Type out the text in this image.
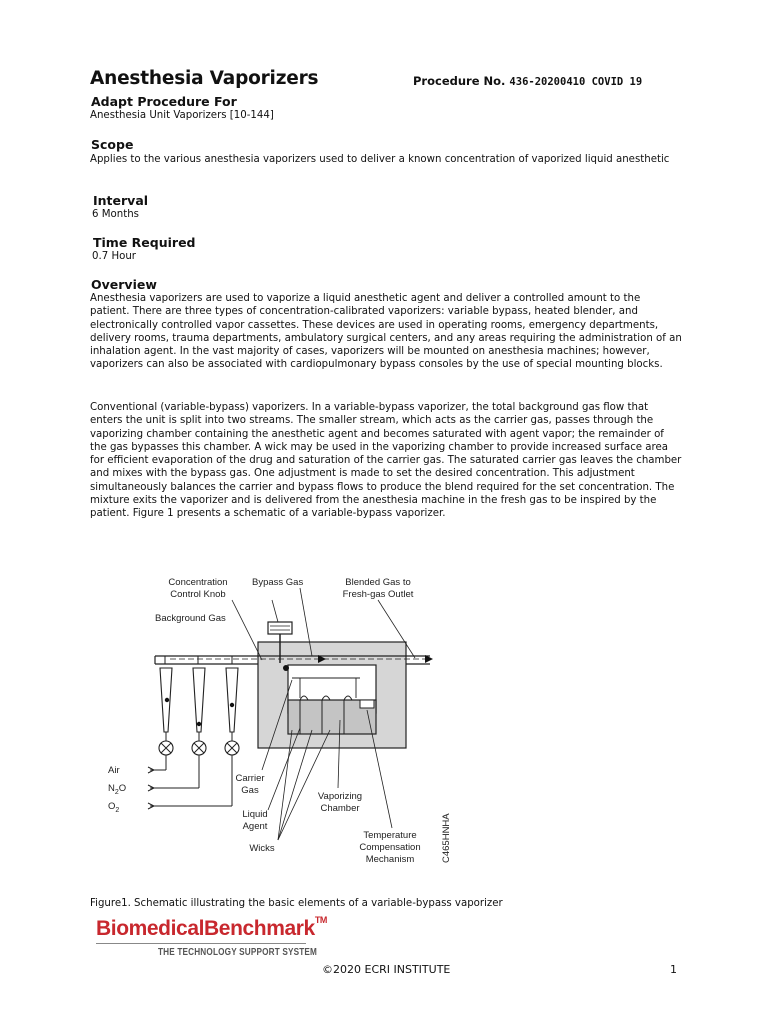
Anesthesia Vaporizers	Procedure No. 436-20200410 COVID 19
Adapt Procedure For
Anesthesia Unit Vaporizers [10-144]
Scope
Applies to the various anesthesia vaporizers used to deliver a known concentration of vaporized liquid anesthetic
Interval
6 Months
Time Required
0.7 Hour
Overview
Anesthesia vaporizers are used to vaporize a liquid anesthetic agent and deliver a controlled amount to the patient. There are three types of concentration-calibrated vaporizers: variable bypass, heated blender, and electronically controlled vapor cassettes. These devices are used in operating rooms, emergency departments, delivery rooms, trauma departments, ambulatory surgical centers, and any areas requiring the administration of an inhalation agent. In the vast majority of cases, vaporizers will be mounted on anesthesia machines; however, vaporizers can also be associated with cardiopulmonary bypass consoles by the use of special mounting blocks.
Conventional (variable-bypass) vaporizers. In a variable-bypass vaporizer, the total background gas flow that enters the unit is split into two streams. The smaller stream, which acts as the carrier gas, passes through the vaporizing chamber containing the anesthetic agent and becomes saturated with agent vapor; the remainder of the gas bypasses this chamber. A wick may be used in the vaporizing chamber to provide increased surface area for efficient evaporation of the drug and saturation of the carrier gas. The saturated carrier gas leaves the chamber and mixes with the bypass gas. One adjustment is made to set the desired concentration. This adjustment simultaneously balances the carrier and bypass flows to produce the blend required for the set concentration. The mixture exits the vaporizer and is delivered from the anesthesia machine in the fresh gas to be inspired by the patient. Figure 1 presents a schematic of a variable-bypass vaporizer.
Concentration
Control Knob
Bypass Gas	Blended Gas to
Fresh-gas Outlet
Background Gas
Air
$N_2O$
$O_2$
Carrier
Gas
Liquid
Agent
Vaporizing
Chamber
Wicks
Temperature
Compensation
Mechanism	C465HNHA
Figure1. Schematic illustrating the basic elements of a variable-bypass vaporizer
BiomedicalBenchmark™
THE TECHNOLOGY SUPPORT SYSTEM
©2020 ECRI INSTITUTE	1
